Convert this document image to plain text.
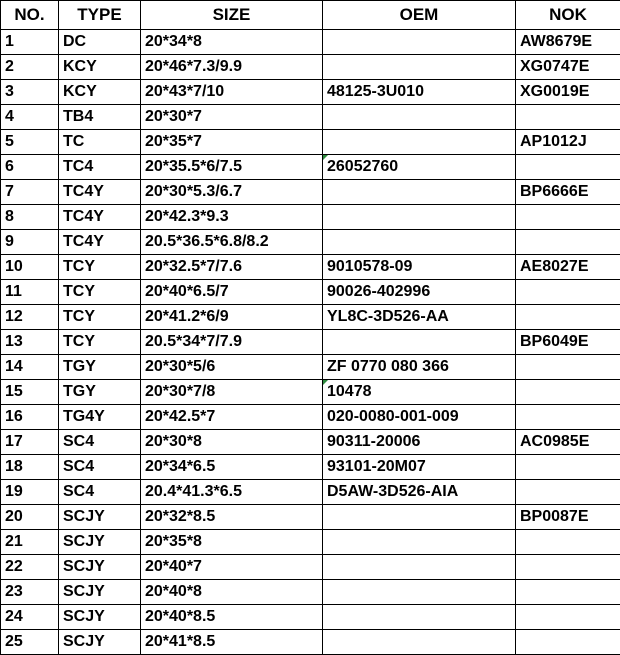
NO.	TYPE	SIZE	OEM	NOK
1	DC	20*34*8		AW8679E
2	KCY	20*46*7.3/9.9		XG0747E
3	KCY	20*43*7/10	48125-3U010	XG0019E
4	TB4	20*30*7		
5	TC	20*35*7		AP1012J
6	TC4	20*35.5*6/7.5	26052760	
7	TC4Y	20*30*5.3/6.7		BP6666E
8	TC4Y	20*42.3*9.3		
9	TC4Y	20.5*36.5*6.8/8.2		
10	TCY	20*32.5*7/7.6	9010578-09	AE8027E
11	TCY	20*40*6.5/7	90026-402996	
12	TCY	20*41.2*6/9	YL8C-3D526-AA	
13	TCY	20.5*34*7/7.9		BP6049E
14	TGY	20*30*5/6	ZF 0770 080 366	
15	TGY	20*30*7/8	10478	
16	TG4Y	20*42.5*7	020-0080-001-009	
17	SC4	20*30*8	90311-20006	AC0985E
18	SC4	20*34*6.5	93101-20M07	
19	SC4	20.4*41.3*6.5	D5AW-3D526-AIA	
20	SCJY	20*32*8.5		BP0087E
21	SCJY	20*35*8		
22	SCJY	20*40*7		
23	SCJY	20*40*8		
24	SCJY	20*40*8.5		
25	SCJY	20*41*8.5		
